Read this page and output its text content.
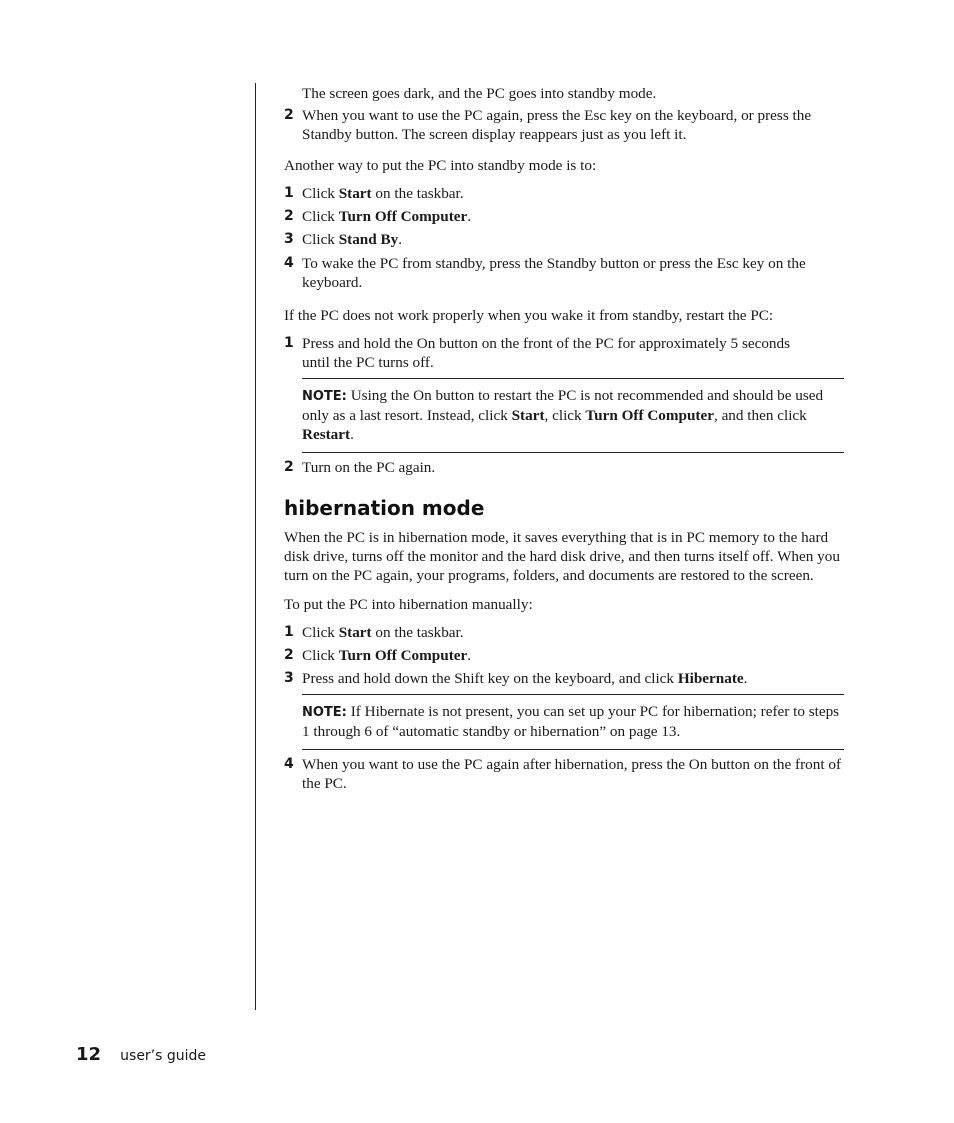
The screen goes dark, and the PC goes into standby mode.

2 When you want to use the PC again, press the Esc key on the keyboard, or press the Standby button. The screen display reappears just as you left it.

Another way to put the PC into standby mode is to:

1 Click Start on the taskbar.
2 Click Turn Off Computer.
3 Click Stand By.
4 To wake the PC from standby, press the Standby button or press the Esc key on the keyboard.

If the PC does not work properly when you wake it from standby, restart the PC:

1 Press and hold the On button on the front of the PC for approximately 5 seconds until the PC turns off.
NOTE: Using the On button to restart the PC is not recommended and should be used only as a last resort. Instead, click Start, click Turn Off Computer, and then click Restart.
2 Turn on the PC again.
hibernation mode

When the PC is in hibernation mode, it saves everything that is in PC memory to the hard disk drive, turns off the monitor and the hard disk drive, and then turns itself off. When you turn on the PC again, your programs, folders, and documents are restored to the screen.

To put the PC into hibernation manually:

1 Click Start on the taskbar.
2 Click Turn Off Computer.
3 Press and hold down the Shift key on the keyboard, and click Hibernate.
NOTE: If Hibernate is not present, you can set up your PC for hibernation; refer to steps 1 through 6 of “automatic standby or hibernation” on page 13.
4 When you want to use the PC again after hibernation, press the On button on the front of the PC.
12 user’s guide
